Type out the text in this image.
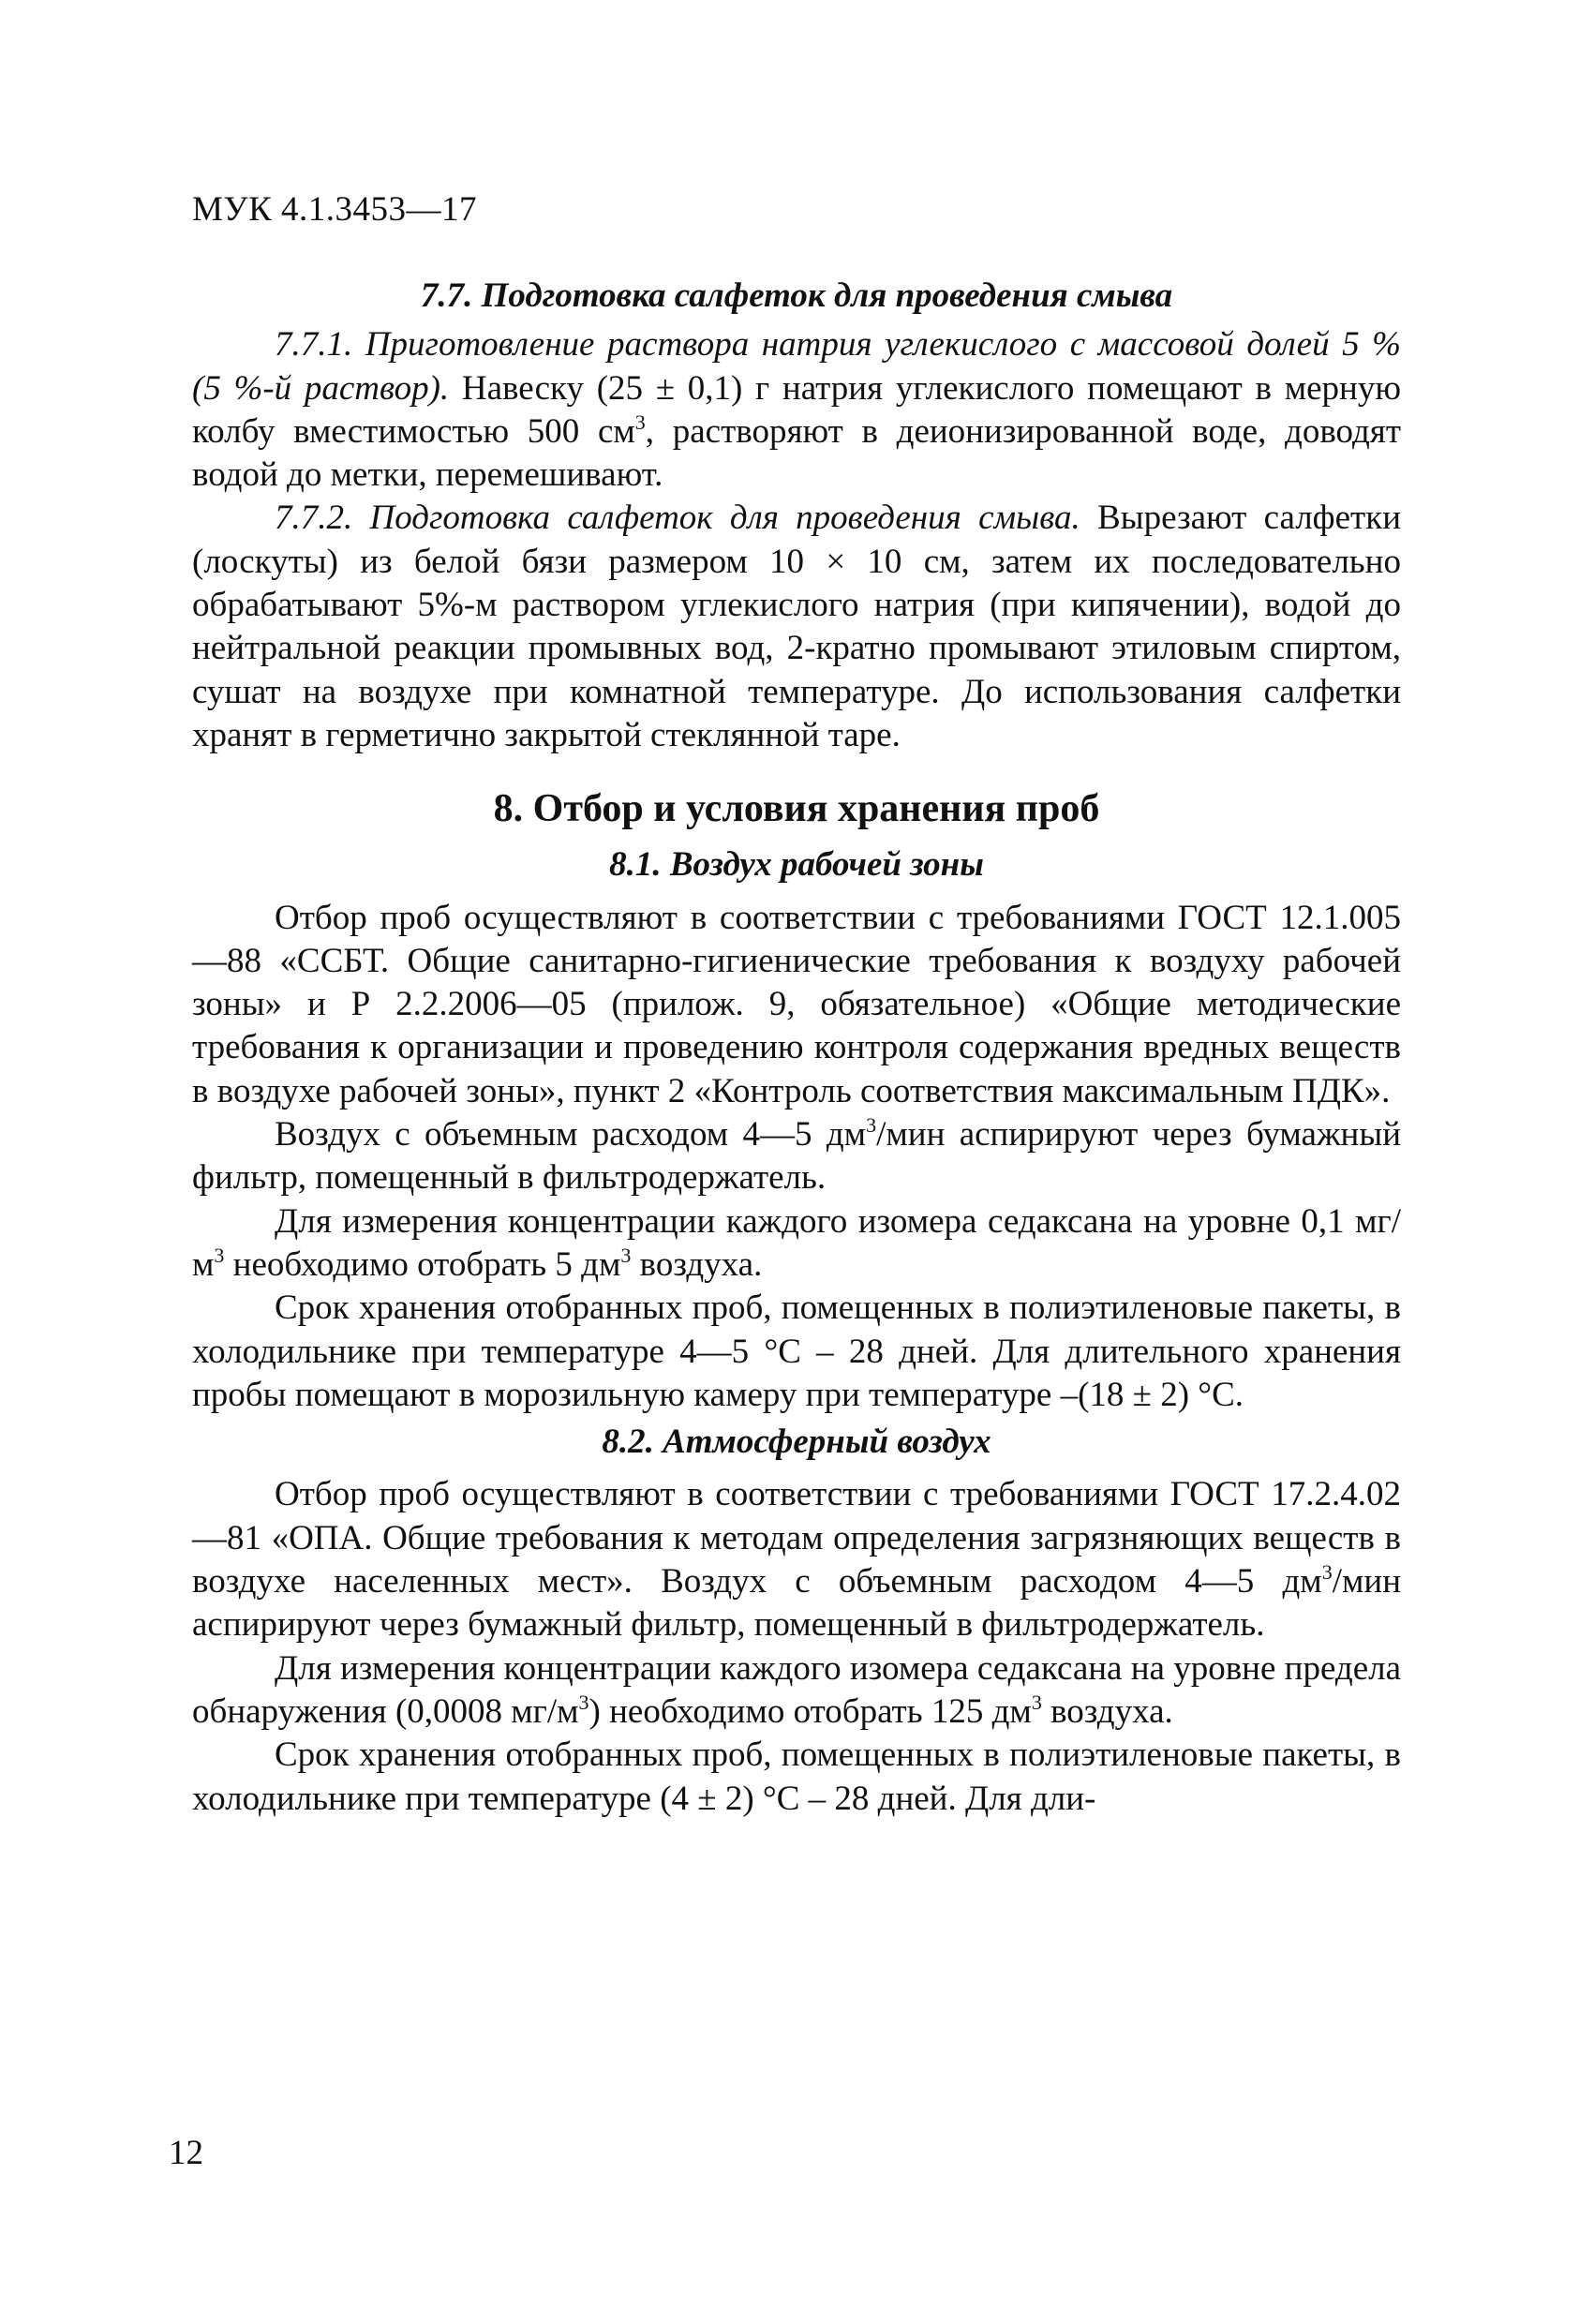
МУК 4.1.3453—17
7.7. Подготовка салфеток для проведения смыва

7.7.1. Приготовление раствора натрия углекислого с массовой долей 5 % (5 %-й раствор). Навеску (25 ± 0,1) г натрия углекислого помещают в мерную колбу вместимостью 500 $см^3$, растворяют в деионизированной воде, доводят водой до метки, перемешивают.

7.7.2. Подготовка салфеток для проведения смыва. Вырезают салфетки (лоскуты) из белой бязи размером 10 × 10 см, затем их последовательно обрабатывают 5%-м раствором углекислого натрия (при кипячении), водой до нейтральной реакции промывных вод, 2-кратно промывают этиловым спиртом, сушат на воздухе при комнатной температуре. До использования салфетки хранят в герметично закрытой стеклянной таре.

8. Отбор и условия хранения проб
8.1. Воздух рабочей зоны

Отбор проб осуществляют в соответствии с требованиями ГОСТ 12.1.005—88 «ССБТ. Общие санитарно-гигиенические требования к воздуху рабочей зоны» и Р 2.2.2006—05 (прилож. 9, обязательное) «Общие методические требования к организации и проведению контроля содержания вредных веществ в воздухе рабочей зоны», пункт 2 «Контроль соответствия максимальным ПДК».

Воздух с объемным расходом 4—5 $дм^3$/мин аспирируют через бумажный фильтр, помещенный в фильтродержатель.

Для измерения концентрации каждого изомера седаксана на уровне 0,1 $мг/м^3$ необходимо отобрать 5 $дм^3$ воздуха.

Срок хранения отобранных проб, помещенных в полиэтиленовые пакеты, в холодильнике при температуре 4—5 °С – 28 дней. Для длительного хранения пробы помещают в морозильную камеру при температуре –(18 ± 2) °С.

8.2. Атмосферный воздух

Отбор проб осуществляют в соответствии с требованиями ГОСТ 17.2.4.02—81 «ОПА. Общие требования к методам определения загрязняющих веществ в воздухе населенных мест». Воздух с объемным расходом 4—5 $дм^3$/мин аспирируют через бумажный фильтр, помещенный в фильтродержатель.

Для измерения концентрации каждого изомера седаксана на уровне предела обнаружения (0,0008 $мг/м^3$) необходимо отобрать 125 $дм^3$ воздуха.

Срок хранения отобранных проб, помещенных в полиэтиленовые пакеты, в холодильнике при температуре (4 ± 2) °С – 28 дней. Для дли-

12
